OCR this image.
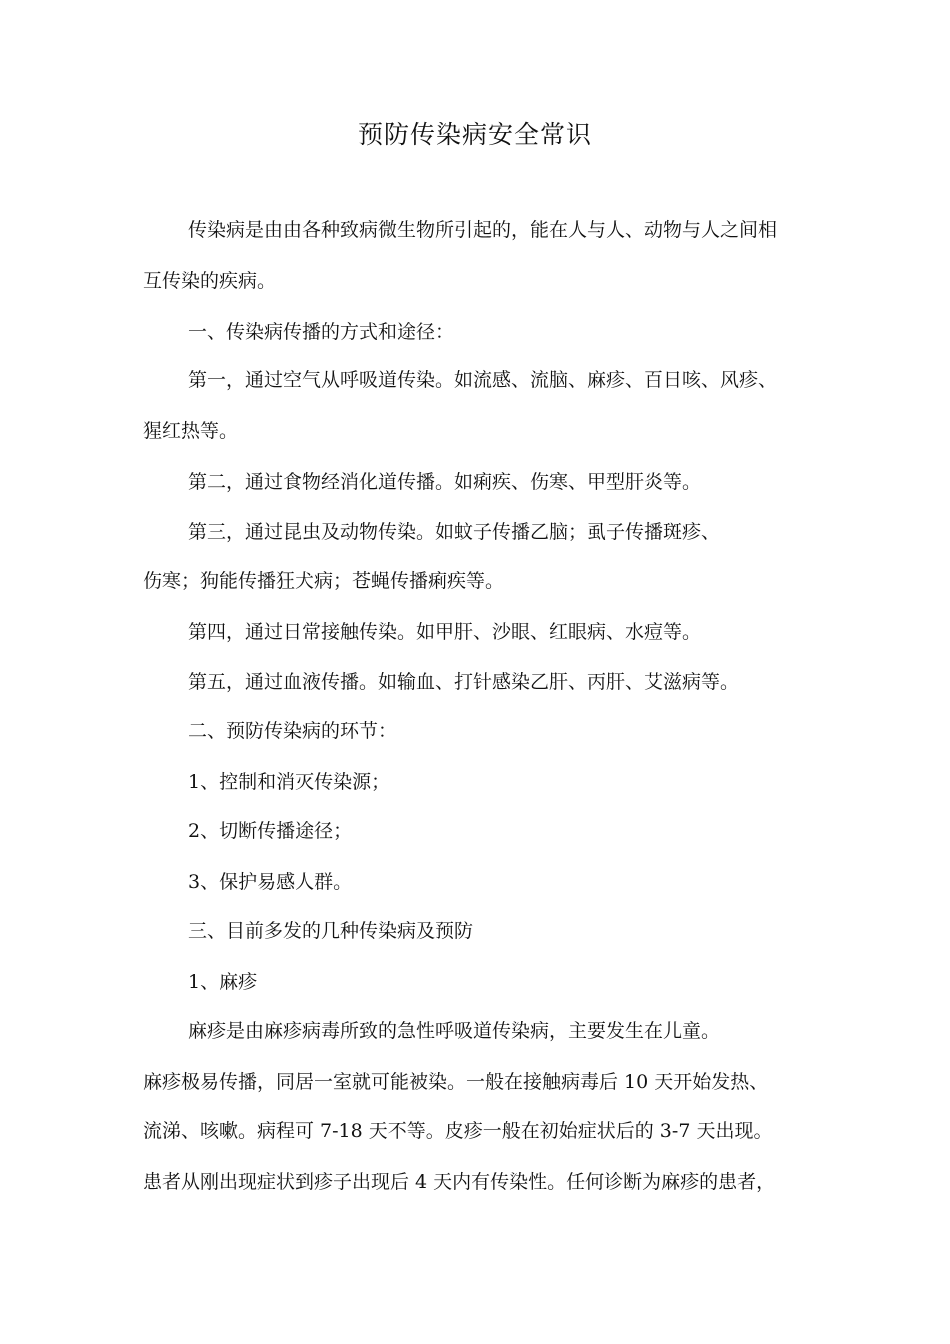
预防传染病安全常识

传染病是由由各种致病微生物所引起的，能在人与人、动物与人之间相

互传染的疾病。

一、传染病传播的方式和途径：

第一，通过空气从呼吸道传染。如流感、流脑、麻疹、百日咳、风疹、

猩红热等。

第二，通过食物经消化道传播。如痢疾、伤寒、甲型肝炎等。

第三，通过昆虫及动物传染。如蚊子传播乙脑；虱子传播斑疹、

伤寒；狗能传播狂犬病；苍蝇传播痢疾等。

第四，通过日常接触传染。如甲肝、沙眼、红眼病、水痘等。

第五，通过血液传播。如输血、打针感染乙肝、丙肝、艾滋病等。

二、预防传染病的环节：

1、控制和消灭传染源；

2、切断传播途径；

3、保护易感人群。

三、目前多发的几种传染病及预防

1、麻疹

麻疹是由麻疹病毒所致的急性呼吸道传染病，主要发生在儿童。

麻疹极易传播，同居一室就可能被染。一般在接触病毒后 10 天开始发热、

流涕、咳嗽。病程可 7-18 天不等。皮疹一般在初始症状后的 3-7 天出现。

患者从刚出现症状到疹子出现后 4 天内有传染性。任何诊断为麻疹的患者，
